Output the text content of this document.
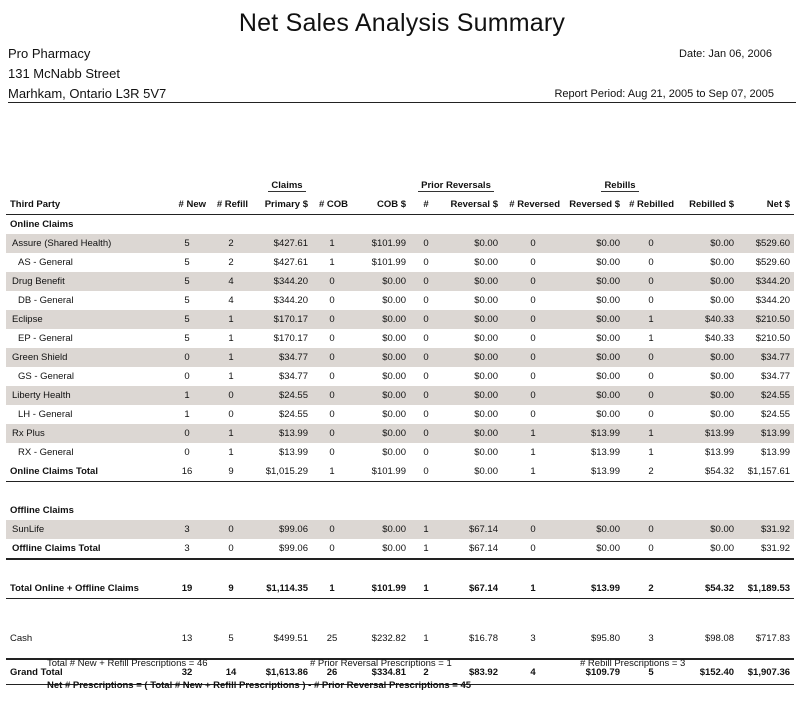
Net Sales Analysis Summary
Pro Pharmacy
131 McNabb Street
Marhkam, Ontario L3R 5V7
Date: Jan 06, 2006
Report Period: Aug 21, 2005 to Sep 07, 2005
	Claims					Prior Reversals		Rebills				
Third Party	# New	# Refill	Primary $	# COB	COB $	#	Reversal $	# Reversed	Reversed $	# Rebilled	Rebilled $	Net $
Online Claims												
Assure (Shared Health)	5	2	$427.61	1	$101.99	0	$0.00	0	$0.00	0	$0.00	$529.60
AS - General	5	2	$427.61	1	$101.99	0	$0.00	0	$0.00	0	$0.00	$529.60
Drug Benefit	5	4	$344.20	0	$0.00	0	$0.00	0	$0.00	0	$0.00	$344.20
DB - General	5	4	$344.20	0	$0.00	0	$0.00	0	$0.00	0	$0.00	$344.20
Eclipse	5	1	$170.17	0	$0.00	0	$0.00	0	$0.00	1	$40.33	$210.50
EP - General	5	1	$170.17	0	$0.00	0	$0.00	0	$0.00	1	$40.33	$210.50
Green Shield	0	1	$34.77	0	$0.00	0	$0.00	0	$0.00	0	$0.00	$34.77
GS - General	0	1	$34.77	0	$0.00	0	$0.00	0	$0.00	0	$0.00	$34.77
Liberty Health	1	0	$24.55	0	$0.00	0	$0.00	0	$0.00	0	$0.00	$24.55
LH - General	1	0	$24.55	0	$0.00	0	$0.00	0	$0.00	0	$0.00	$24.55
Rx Plus	0	1	$13.99	0	$0.00	0	$0.00	1	$13.99	1	$13.99	$13.99
RX - General	0	1	$13.99	0	$0.00	0	$0.00	1	$13.99	1	$13.99	$13.99
Online Claims Total	16	9	$1,015.29	1	$101.99	0	$0.00	1	$13.99	2	$54.32	$1,157.61

Offline Claims												
SunLife	3	0	$99.06	0	$0.00	1	$67.14	0	$0.00	0	$0.00	$31.92
Offline Claims Total	3	0	$99.06	0	$0.00	1	$67.14	0	$0.00	0	$0.00	$31.92

Total Online + Offline Claims	19	9	$1,114.35	1	$101.99	1	$67.14	1	$13.99	2	$54.32	$1,189.53

Cash	13	5	$499.51	25	$232.82	1	$16.78	3	$95.80	3	$98.08	$717.83
Grand Total	32	14	$1,613.86	26	$334.81	2	$83.92	4	$109.79	5	$152.40	$1,907.36
Total # New + Refill Prescriptions = 46	# Prior Reversal Prescriptions = 1	# Rebill Prescriptions = 3
Net # Prescriptions = ( Total # New + Refill Prescriptions ) - # Prior Reversal Prescriptions = 45
